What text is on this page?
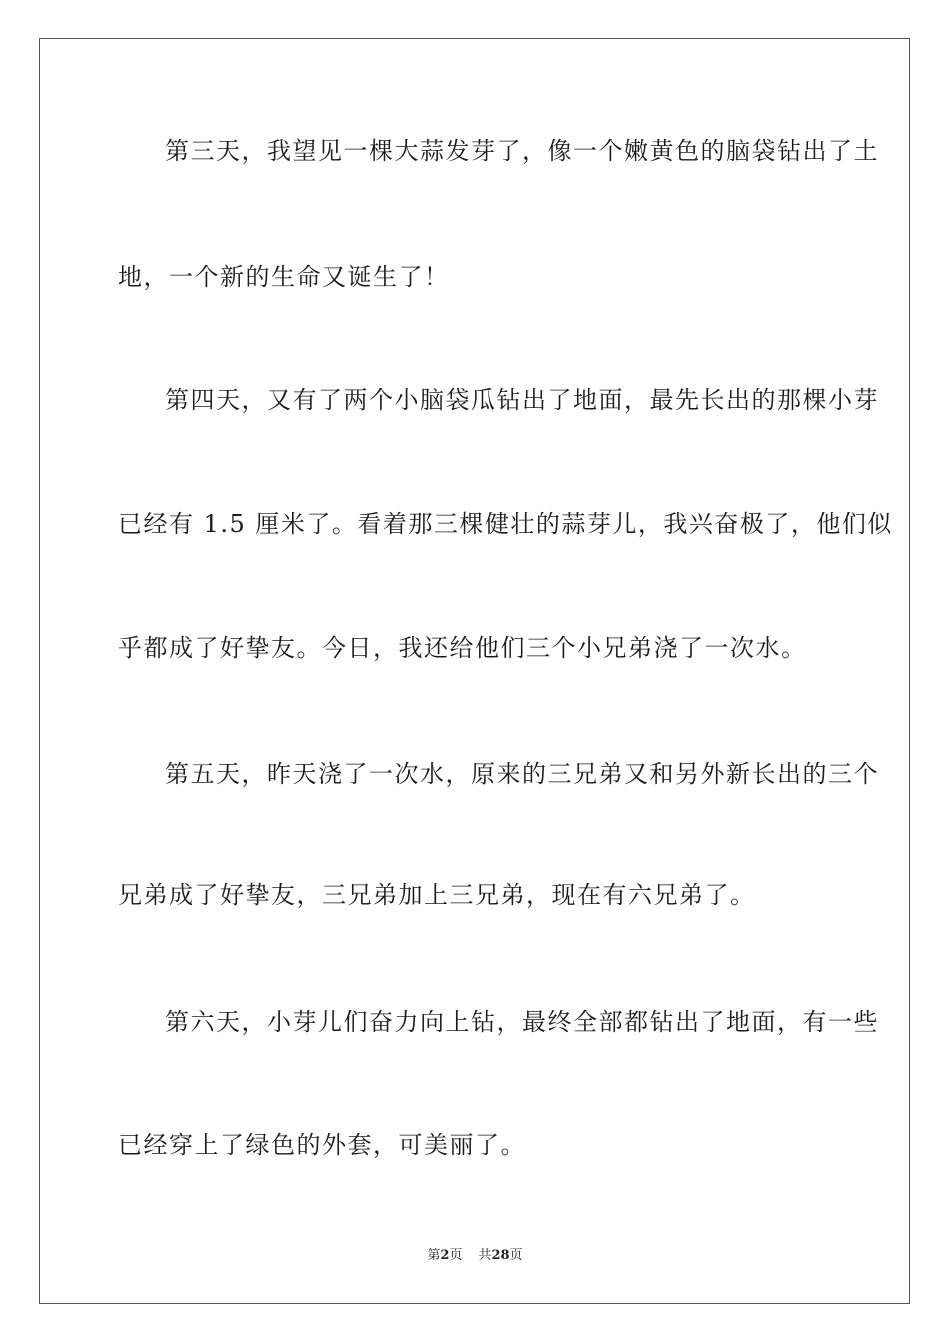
第三天，我望见一棵大蒜发芽了，像一个嫩黄色的脑袋钻出了土
地，一个新的生命又诞生了！
第四天，又有了两个小脑袋瓜钻出了地面，最先长出的那棵小芽
已经有 1.5 厘米了。看着那三棵健壮的蒜芽儿，我兴奋极了，他们似
乎都成了好挚友。今日，我还给他们三个小兄弟浇了一次水。
第五天，昨天浇了一次水，原来的三兄弟又和另外新长出的三个
兄弟成了好挚友，三兄弟加上三兄弟，现在有六兄弟了。
第六天，小芽儿们奋力向上钻，最终全部都钻出了地面，有一些
已经穿上了绿色的外套，可美丽了。
第2页 共28页
